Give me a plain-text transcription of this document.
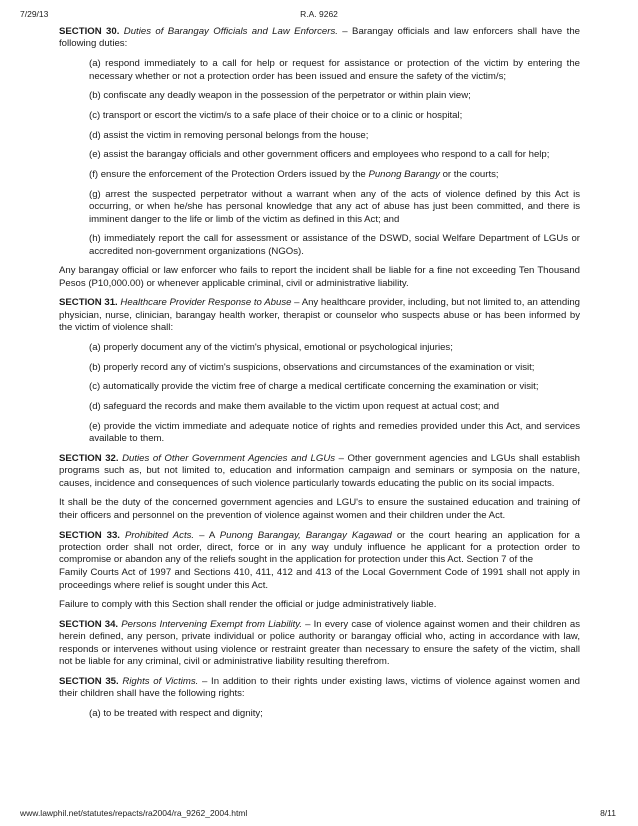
7/29/13	R.A. 9262

SECTION 30. Duties of Barangay Officials and Law Enforcers. – Barangay officials and law enforcers shall have the following duties:

(a) respond immediately to a call for help or request for assistance or protection of the victim by entering the necessary whether or not a protection order has been issued and ensure the safety of the victim/s;

(b) confiscate any deadly weapon in the possession of the perpetrator or within plain view;

(c) transport or escort the victim/s to a safe place of their choice or to a clinic or hospital;

(d) assist the victim in removing personal belongs from the house;

(e) assist the barangay officials and other government officers and employees who respond to a call for help;

(f) ensure the enforcement of the Protection Orders issued by the Punong Barangy or the courts;

(g) arrest the suspected perpetrator without a warrant when any of the acts of violence defined by this Act is occurring, or when he/she has personal knowledge that any act of abuse has just been committed, and there is imminent danger to the life or limb of the victim as defined in this Act; and

(h) immediately report the call for assessment or assistance of the DSWD, social Welfare Department of LGUs or accredited non-government organizations (NGOs).

Any barangay official or law enforcer who fails to report the incident shall be liable for a fine not exceeding Ten Thousand Pesos (P10,000.00) or whenever applicable criminal, civil or administrative liability.

SECTION 31. Healthcare Provider Response to Abuse – Any healthcare provider, including, but not limited to, an attending physician, nurse, clinician, barangay health worker, therapist or counselor who suspects abuse or has been informed by the victim of violence shall:

(a) properly document any of the victim's physical, emotional or psychological injuries;

(b) properly record any of victim's suspicions, observations and circumstances of the examination or visit;

(c) automatically provide the victim free of charge a medical certificate concerning the examination or visit;

(d) safeguard the records and make them available to the victim upon request at actual cost; and

(e) provide the victim immediate and adequate notice of rights and remedies provided under this Act, and services available to them.

SECTION 32. Duties of Other Government Agencies and LGUs – Other government agencies and LGUs shall establish programs such as, but not limited to, education and information campaign and seminars or symposia on the nature, causes, incidence and consequences of such violence particularly towards educating the public on its social impacts.

It shall be the duty of the concerned government agencies and LGU's to ensure the sustained education and training of their officers and personnel on the prevention of violence against women and their children under the Act.

SECTION 33. Prohibited Acts. – A Punong Barangay, Barangay Kagawad or the court hearing an application for a protection order shall not order, direct, force or in any way unduly influence he applicant for a protection order to compromise or abandon any of the reliefs sought in the application for protection under this Act. Section 7 of the

Family Courts Act of 1997 and Sections 410, 411, 412 and 413 of the Local Government Code of 1991 shall not apply in proceedings where relief is sought under this Act.

Failure to comply with this Section shall render the official or judge administratively liable.

SECTION 34. Persons Intervening Exempt from Liability. – In every case of violence against women and their children as herein defined, any person, private individual or police authority or barangay official who, acting in accordance with law, responds or intervenes without using violence or restraint greater than necessary to ensure the safety of the victim, shall not be liable for any criminal, civil or administrative liability resulting therefrom.

SECTION 35. Rights of Victims. – In addition to their rights under existing laws, victims of violence against women and their children shall have the following rights:

(a) to be treated with respect and dignity;

www.lawphil.net/statutes/repacts/ra2004/ra_9262_2004.html	8/11
